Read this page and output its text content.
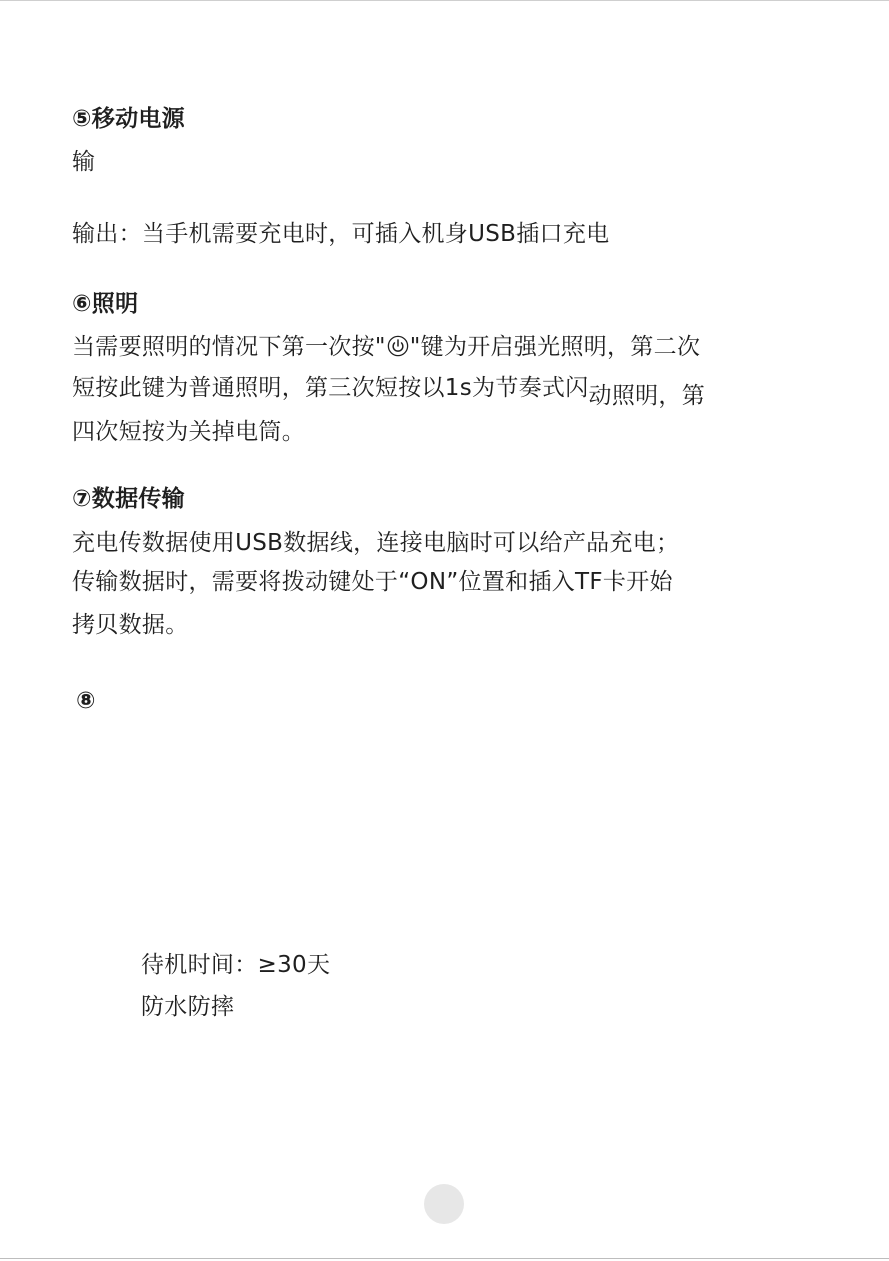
⑤移动电源
输
输出：当手机需要充电时，可插入机身USB插口充电
⑥照明
当需要照明的情况下第一次按" "键为开启强光照明，第二次
短按此键为普通照明，第三次短按以1s为节奏式闪动照明，第
四次短按为关掉电筒。
⑦数据传输
充电传数据使用USB数据线，连接电脑时可以给产品充电；
传输数据时，需要将拨动键处于“ON”位置和插入TF卡开始
拷贝数据。
⑧
待机时间：≥30天
防水防摔
